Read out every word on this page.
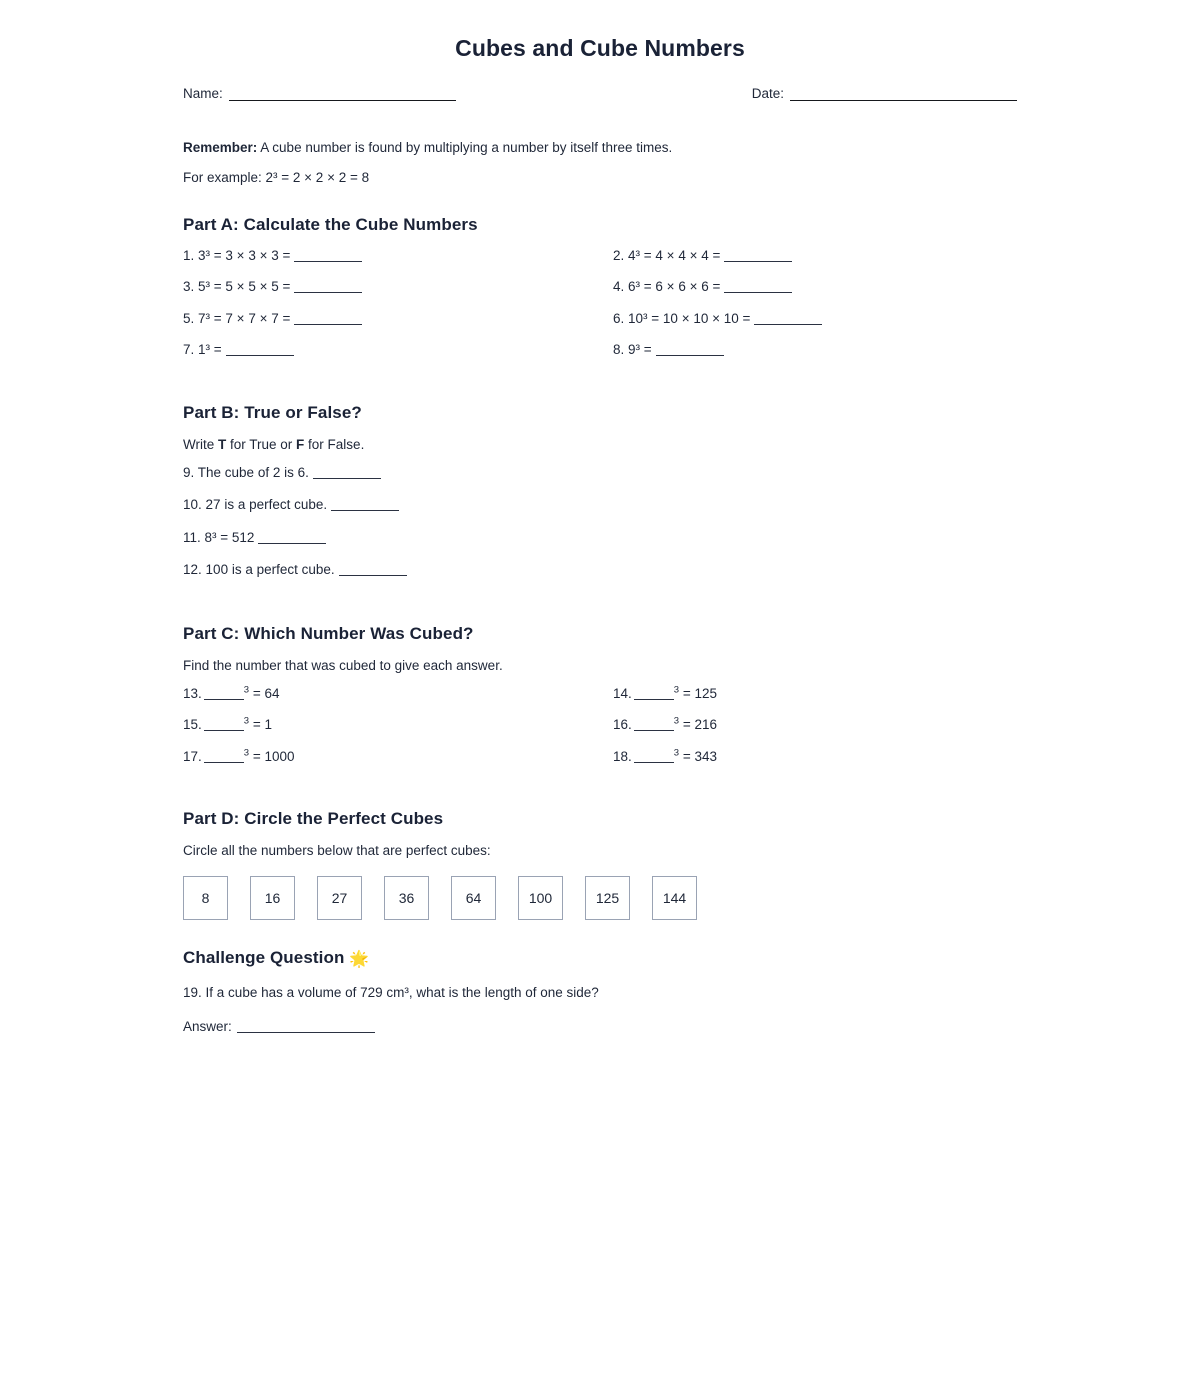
Cubes and Cube Numbers
Name:	Date:

Remember: A cube number is found by multiplying a number by itself three times.

For example: 2³ = 2 × 2 × 2 = 8

Part A: Calculate the Cube Numbers
1. 3³ = 3 × 3 × 3 =	2. 4³ = 4 × 4 × 4 =
3. 5³ = 5 × 5 × 5 =	4. 6³ = 6 × 6 × 6 =
5. 7³ = 7 × 7 × 7 =	6. 10³ = 10 × 10 × 10 =
7. 1³ =	8. 9³ =
Part B: True or False?

Write T for True or F for False.

9. The cube of 2 is 6.
10. 27 is a perfect cube.
11. 8³ = 512
12. 100 is a perfect cube.
Part C: Which Number Was Cubed?

Find the number that was cubed to give each answer.

13.	$^3$ = 64	14.	$^3$ = 125
15.	$^3$ = 1	16.	$^3$ = 216
17.	$^3$ = 1000	18.	$^3$ = 343
Part D: Circle the Perfect Cubes

Circle all the numbers below that are perfect cubes:

8	16	27	36	64	100	125	144
Challenge Question 🌟

19. If a cube has a volume of 729 cm³, what is the length of one side?

Answer:
